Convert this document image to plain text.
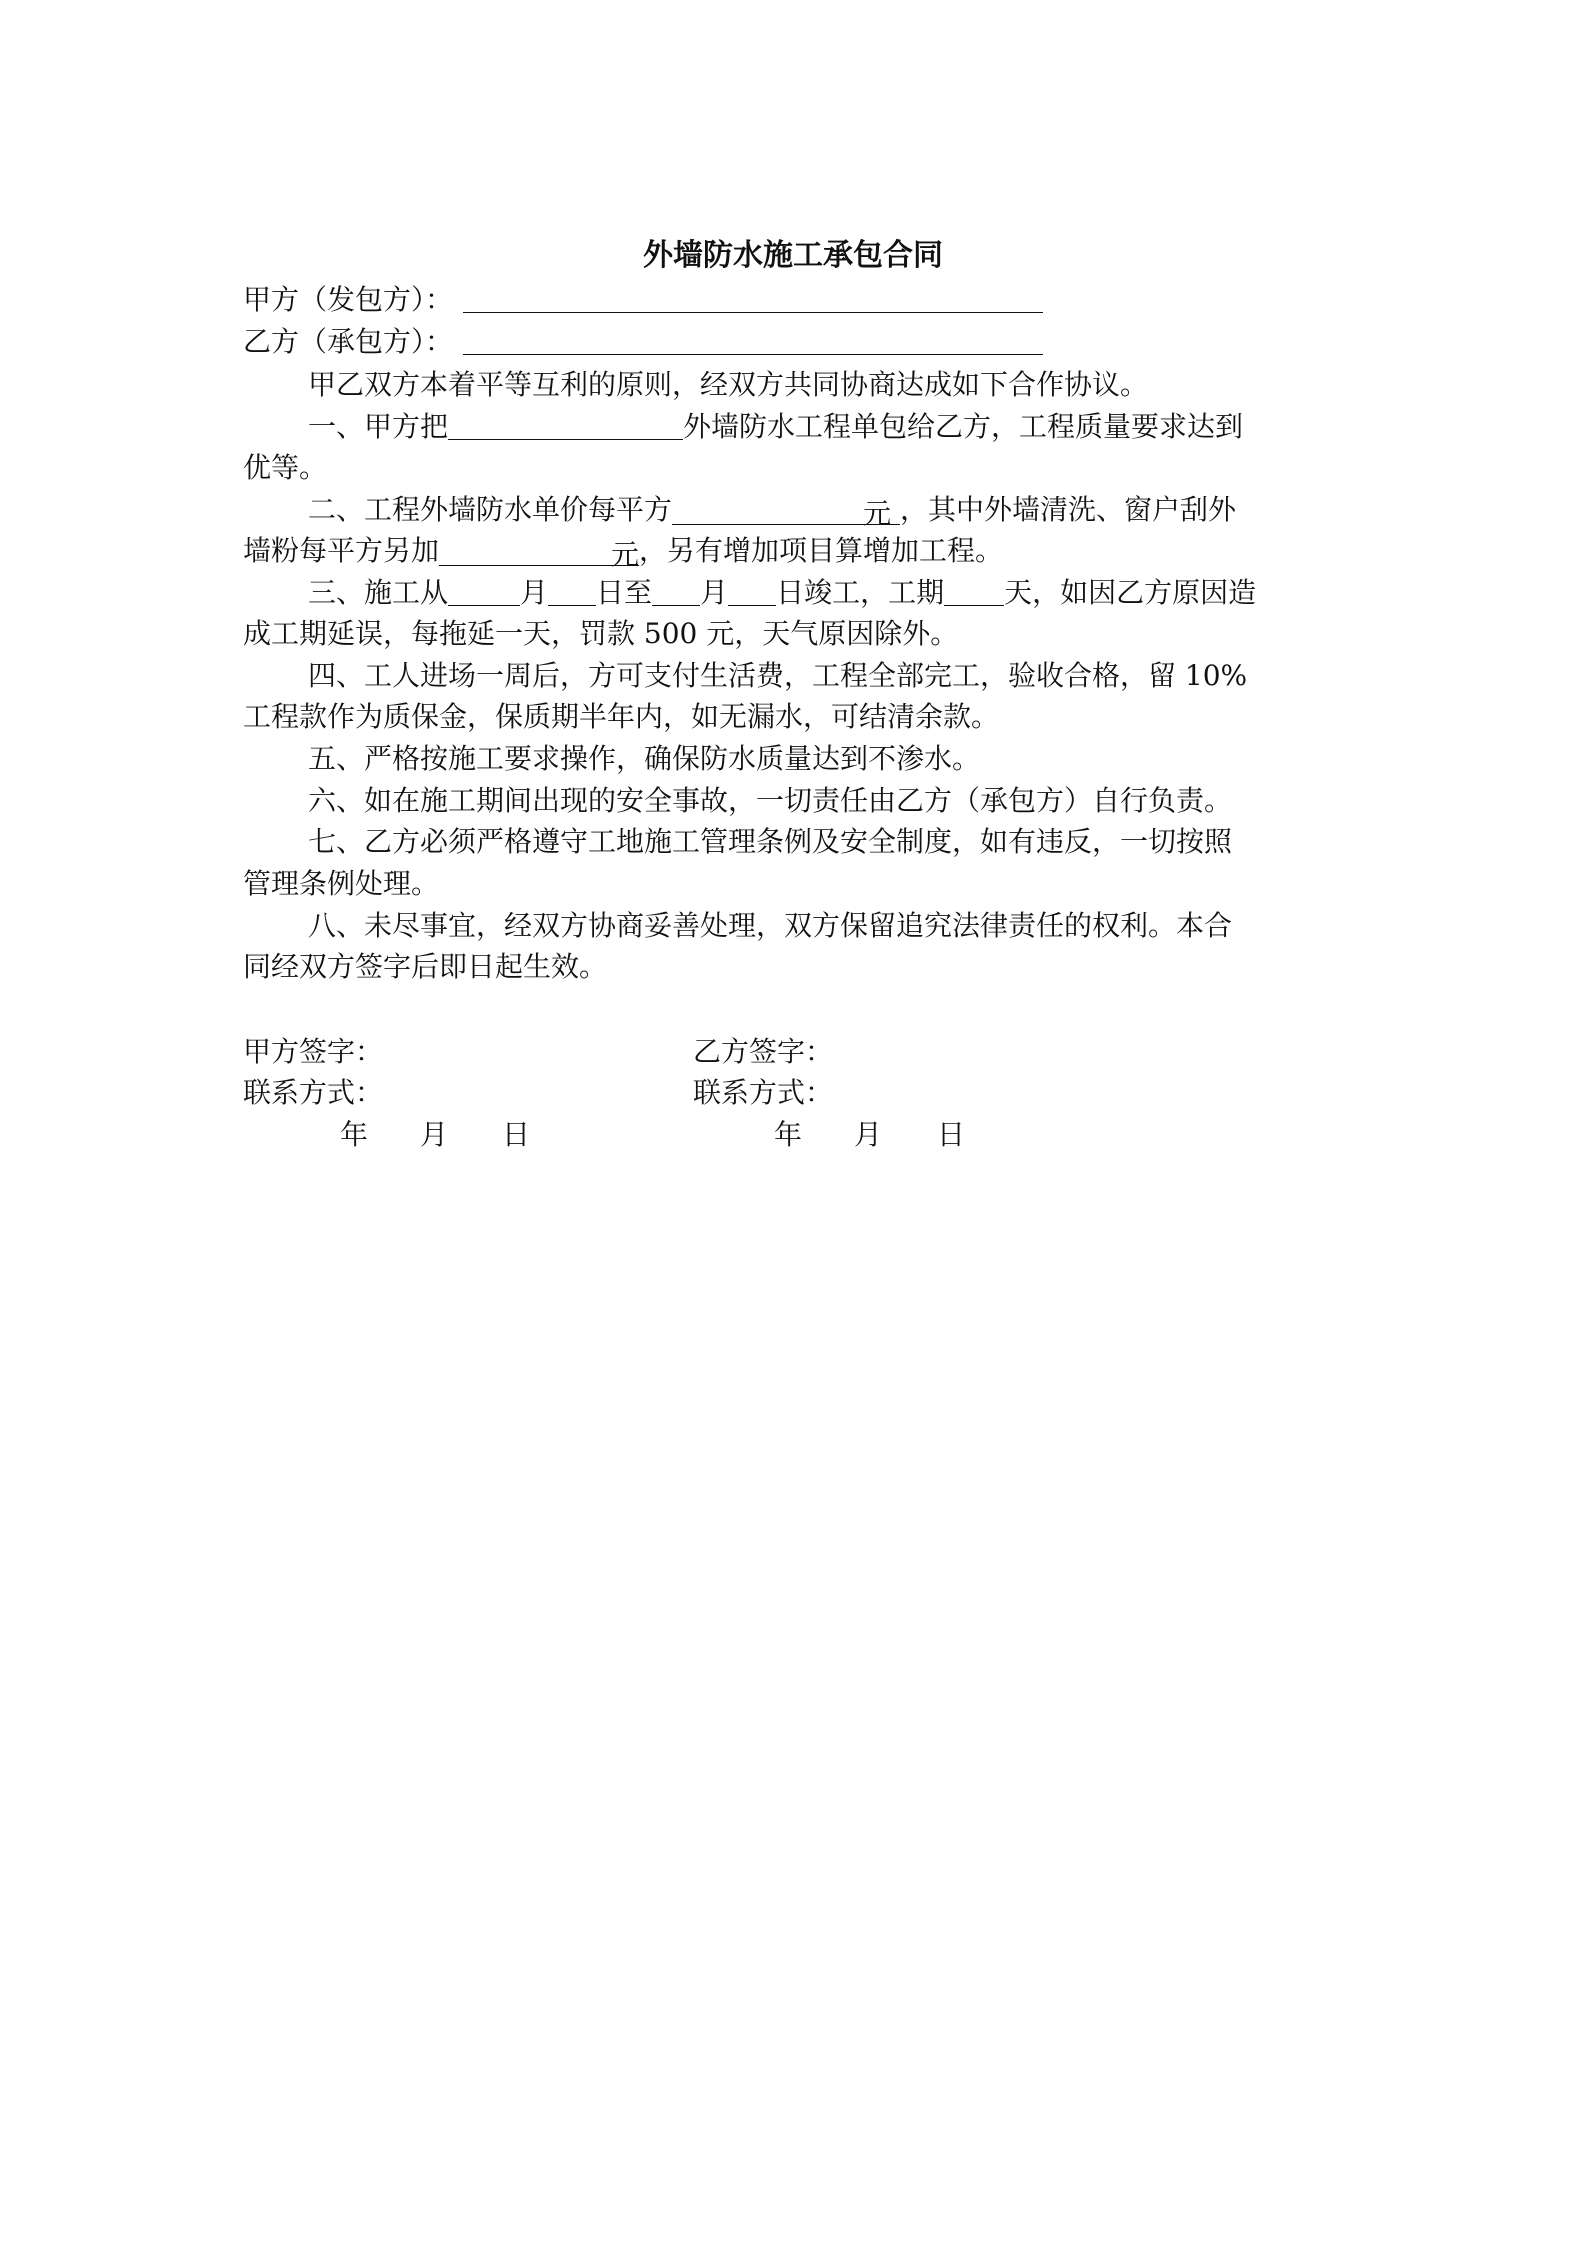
外墙防水施工承包合同
甲方（发包方）：
乙方（承包方）：
甲乙双方本着平等互利的原则，经双方共同协商达成如下合作协议。
一、甲方把	外墙防水工程单包给乙方，工程质量要求达到
优等。
二、工程外墙防水单价每平方	元 ，其中外墙清洗、窗户刮外
墙粉每平方另加	元，另有增加项目算增加工程。
三、施工从	月 日至 月 日竣工，工期 天，如因乙方原因造
成工期延误，每拖延一天，罚款 500 元，天气原因除外。
四、工人进场一周后，方可支付生活费，工程全部完工，验收合格，留 10%
工程款作为质保金，保质期半年内，如无漏水，可结清余款。
五、严格按施工要求操作，确保防水质量达到不渗水。
六、如在施工期间出现的安全事故，一切责任由乙方（承包方）自行负责。
七、乙方必须严格遵守工地施工管理条例及安全制度，如有违反，一切按照
管理条例处理。
八、未尽事宜，经双方协商妥善处理，双方保留追究法律责任的权利。本合
同经双方签字后即日起生效。
甲方签字：	乙方签字：
联系方式：	联系方式：
年 月 日	年 月 日
